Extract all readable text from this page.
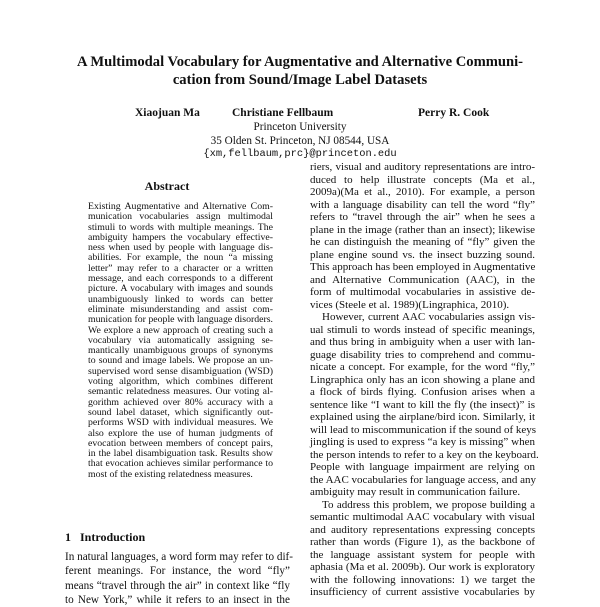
A Multimodal Vocabulary for Augmentative and Alternative Communi-
cation from Sound/Image Label Datasets
Xiaojuan Ma	Christiane Fellbaum	Perry R. Cook
Princeton University
35 Olden St. Princeton, NJ 08544, USA
{xm,fellbaum,prc}@princeton.edu
Abstract
Existing Augmentative and Alternative Com-
munication vocabularies assign multimodal
stimuli to words with multiple meanings. The
ambiguity hampers the vocabulary effective-
ness when used by people with language dis-
abilities. For example, the noun “a missing
letter” may refer to a character or a written
message, and each corresponds to a different
picture. A vocabulary with images and sounds
unambiguously linked to words can better
eliminate misunderstanding and assist com-
munication for people with language disorders.
We explore a new approach of creating such a
vocabulary via automatically assigning se-
mantically unambiguous groups of synonyms
to sound and image labels. We propose an un-
supervised word sense disambiguation (WSD)
voting algorithm, which combines different
semantic relatedness measures. Our voting al-
gorithm achieved over 80% accuracy with a
sound label dataset, which significantly out-
performs WSD with individual measures. We
also explore the use of human judgments of
evocation between members of concept pairs,
in the label disambiguation task. Results show
that evocation achieves similar performance to
most of the existing relatedness measures.
1 Introduction
In natural languages, a word form may refer to dif-
ferent meanings. For instance, the word “fly”
means “travel through the air” in context like “fly
to New York,” while it refers to an insect in the
riers, visual and auditory representations are intro-
duced to help illustrate concepts (Ma et al.,
2009a)(Ma et al., 2010). For example, a person
with a language disability can tell the word “fly”
refers to “travel through the air” when he sees a
plane in the image (rather than an insect); likewise
he can distinguish the meaning of “fly” given the
plane engine sound vs. the insect buzzing sound.
This approach has been employed in Augmentative
and Alternative Communication (AAC), in the
form of multimodal vocabularies in assistive de-
vices (Steele et al. 1989)(Lingraphica, 2010).
However, current AAC vocabularies assign vis-
ual stimuli to words instead of specific meanings,
and thus bring in ambiguity when a user with lan-
guage disability tries to comprehend and commu-
nicate a concept. For example, for the word “fly,”
Lingraphica only has an icon showing a plane and
a flock of birds flying. Confusion arises when a
sentence like “I want to kill the fly (the insect)” is
explained using the airplane/bird icon. Similarly, it
will lead to miscommunication if the sound of keys
jingling is used to express “a key is missing” when
the person intends to refer to a key on the keyboard.
People with language impairment are relying on
the AAC vocabularies for language access, and any
ambiguity may result in communication failure.
To address this problem, we propose building a
semantic multimodal AAC vocabulary with visual
and auditory representations expressing concepts
rather than words (Figure 1), as the backbone of
the language assistant system for people with
aphasia (Ma et al. 2009b). Our work is exploratory
with the following innovations: 1) we target the
insufficiency of current assistive vocabularies by
